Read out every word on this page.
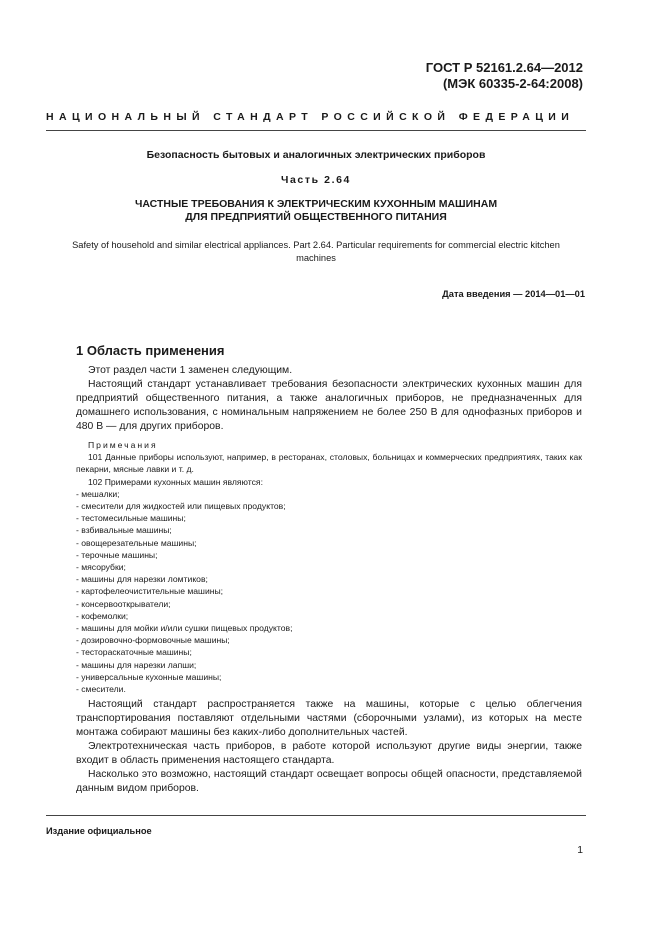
ГОСТ Р 52161.2.64—2012
(МЭК 60335-2-64:2008)
НАЦИОНАЛЬНЫЙ СТАНДАРТ РОССИЙСКОЙ ФЕДЕРАЦИИ
Безопасность бытовых и аналогичных электрических приборов
Часть 2.64
ЧАСТНЫЕ ТРЕБОВАНИЯ К ЭЛЕКТРИЧЕСКИМ КУХОННЫМ МАШИНАМ
ДЛЯ ПРЕДПРИЯТИЙ ОБЩЕСТВЕННОГО ПИТАНИЯ
Safety of household and similar electrical appliances. Part 2.64. Particular requirements for commercial electric kitchen
machines
Дата введения — 2014—01—01
1 Область применения

Этот раздел части 1 заменен следующим.

Настоящий стандарт устанавливает требования безопасности электрических кухонных машин для предприятий общественного питания, а также аналогичных приборов, не предназначенных для домашнего использования, с номинальным напряжением не более 250 В для однофазных приборов и 480 В — для других приборов.

Примечания
101 Данные приборы используют, например, в ресторанах, столовых, больницах и коммерческих предприятиях, таких как пекарни, мясные лавки и т. д.
102 Примерами кухонных машин являются:
- мешалки;
- смесители для жидкостей или пищевых продуктов;
- тестомесильные машины;
- взбивальные машины;
- овощерезательные машины;
- терочные машины;
- мясорубки;
- машины для нарезки ломтиков;
- картофелеочистительные машины;
- консервооткрыватели;
- кофемолки;
- машины для мойки и/или сушки пищевых продуктов;
- дозировочно-формовочные машины;
- тестораскаточные машины;
- машины для нарезки лапши;
- универсальные кухонные машины;
- смесители.

Настоящий стандарт распространяется также на машины, которые с целью облегчения транспортирования поставляют отдельными частями (сборочными узлами), из которых на месте монтажа собирают машины без каких-либо дополнительных частей.

Электротехническая часть приборов, в работе которой используют другие виды энергии, также входит в область применения настоящего стандарта.

Насколько это возможно, настоящий стандарт освещает вопросы общей опасности, представляемой данным видом приборов.

Издание официальное
1
